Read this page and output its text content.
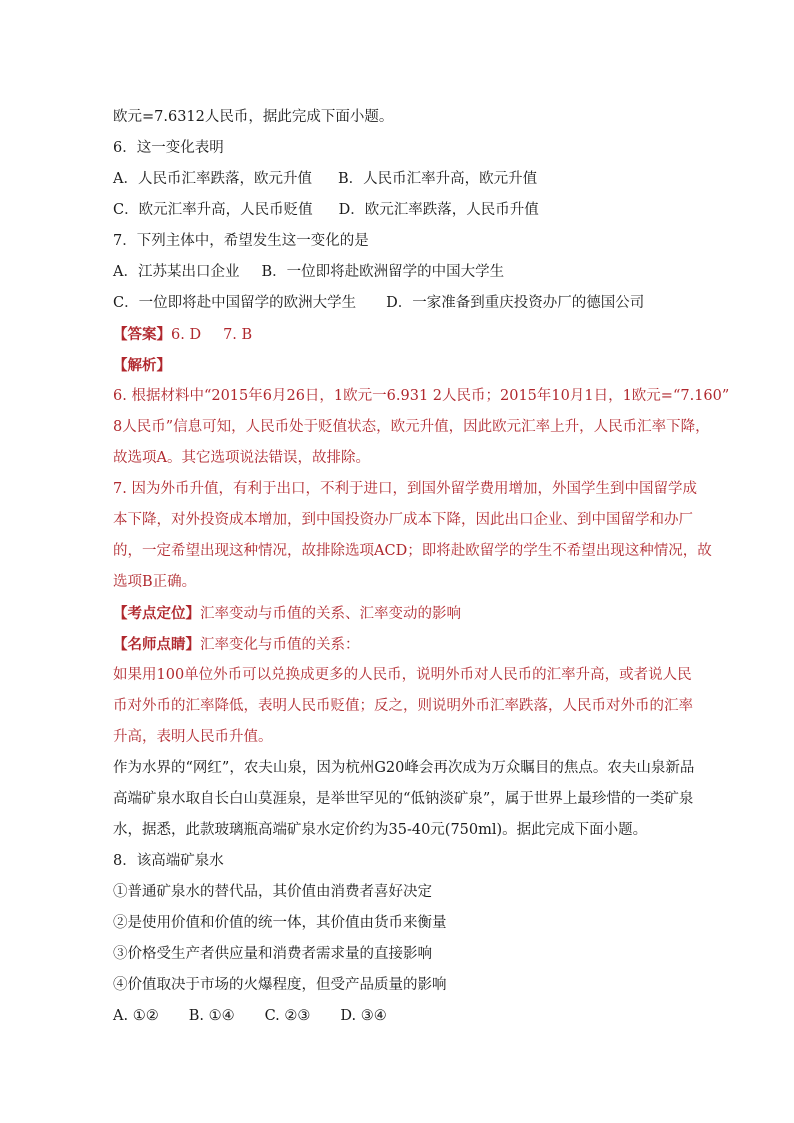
欧元=7.6312人民币，据此完成下面小题。
6．这一变化表明
A．人民币汇率跌落，欧元升值 B．人民币汇率升高，欧元升值
C．欧元汇率升高，人民币贬值 D．欧元汇率跌落，人民币升值
7．下列主体中，希望发生这一变化的是
A．江苏某出口企业 B．一位即将赴欧洲留学的中国大学生
C．一位即将赴中国留学的欧洲大学生 D．一家准备到重庆投资办厂的德国公司
【答案】6. D 7. B
【解析】
6. 根据材料中“2015年6月26日，1欧元一6.931 2人民币；2015年10月1日，1欧元=“7.160”
8人民币”信息可知，人民币处于贬值状态，欧元升值，因此欧元汇率上升，人民币汇率下降，
故选项A。其它选项说法错误，故排除。
7. 因为外币升值，有利于出口，不利于进口，到国外留学费用增加，外国学生到中国留学成
本下降，对外投资成本增加，到中国投资办厂成本下降，因此出口企业、到中国留学和办厂
的，一定希望出现这种情况，故排除选项ACD；即将赴欧留学的学生不希望出现这种情况，故
选项B正确。
【考点定位】汇率变动与币值的关系、汇率变动的影响
【名师点睛】汇率变化与币值的关系：
如果用100单位外币可以兑换成更多的人民币，说明外币对人民币的汇率升高，或者说人民
币对外币的汇率降低，表明人民币贬值；反之，则说明外币汇率跌落，人民币对外币的汇率
升高，表明人民币升值。
作为水界的“网红”，农夫山泉，因为杭州G20峰会再次成为万众瞩目的焦点。农夫山泉新品
高端矿泉水取自长白山莫涯泉，是举世罕见的“低钠淡矿泉”，属于世界上最珍惜的一类矿泉
水，据悉，此款玻璃瓶高端矿泉水定价约为35-40元(750ml)。据此完成下面小题。
8．该高端矿泉水
①普通矿泉水的替代品，其价值由消费者喜好决定
②是使用价值和价值的统一体，其价值由货币来衡量
③价格受生产者供应量和消费者需求量的直接影响
④价值取决于市场的火爆程度，但受产品质量的影响
A. ①② B. ①④ C. ②③ D. ③④
